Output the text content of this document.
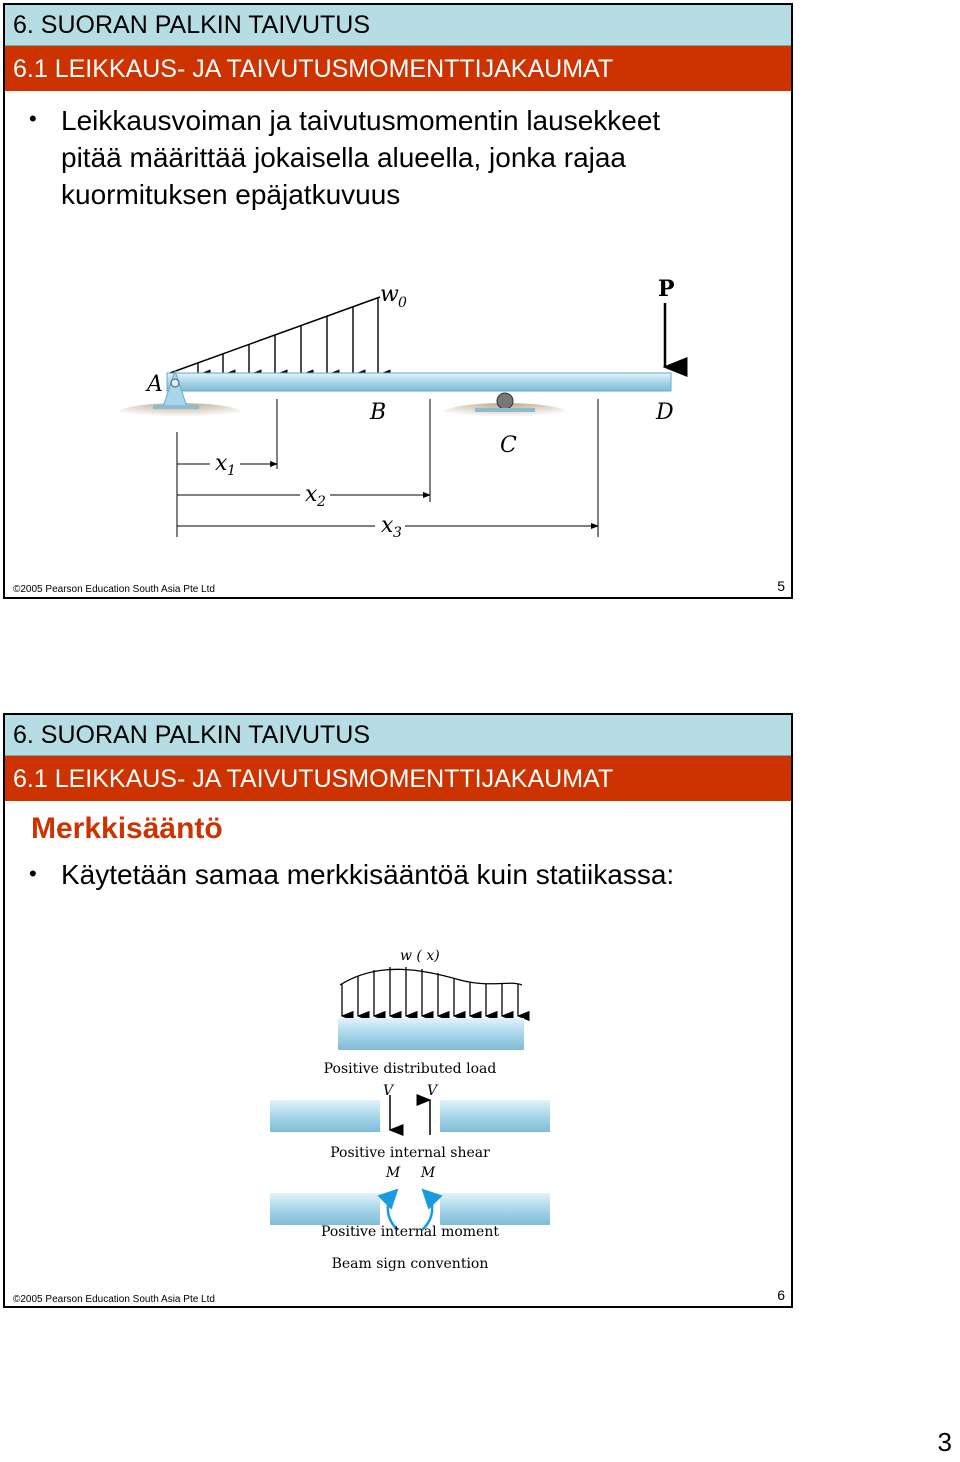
6. SUORAN PALKIN TAIVUTUS
6.1 LEIKKAUS- JA TAIVUTUSMOMENTTIJAKAUMAT
• Leikkausvoiman ja taivutusmomentin lausekkeet
pitää määrittää jokaisella alueella, jonka rajaa
kuormituksen epäjatkuvuus
w 0
A
B
C
D
x 1
x 2
x 3
P
©2005 Pearson Education South Asia Pte Ltd	5
6. SUORAN PALKIN TAIVUTUS
6.1 LEIKKAUS- JA TAIVUTUSMOMENTTIJAKAUMAT
Merkkisääntö
• Käytetään samaa merkkisääntöä kuin statiikassa:
w ( x)
Positive distributed load
V V
Positive internal shear
M M
Positive internal moment
Beam sign convention
©2005 Pearson Education South Asia Pte Ltd	6
3
